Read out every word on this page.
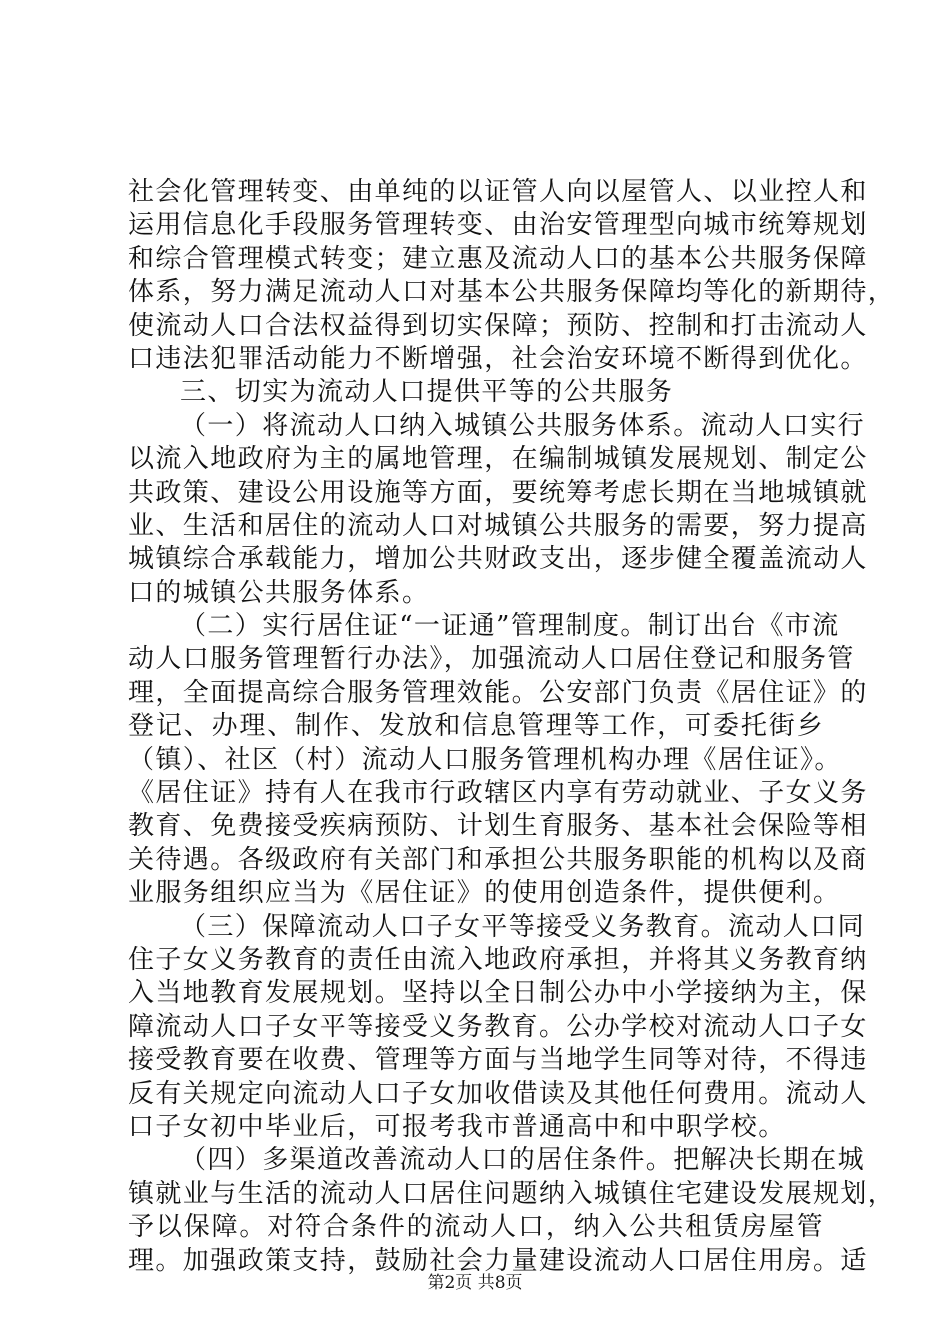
社会化管理转变、由单纯的以证管人向以屋管人、以业控人和
运用信息化手段服务管理转变、由治安管理型向城市统筹规划
和综合管理模式转变；建立惠及流动人口的基本公共服务保障
体系，努力满足流动人口对基本公共服务保障均等化的新期待，
使流动人口合法权益得到切实保障；预防、控制和打击流动人
口违法犯罪活动能力不断增强，社会治安环境不断得到优化。
三、切实为流动人口提供平等的公共服务
（一）将流动人口纳入城镇公共服务体系。流动人口实行
以流入地政府为主的属地管理，在编制城镇发展规划、制定公
共政策、建设公用设施等方面，要统筹考虑长期在当地城镇就
业、生活和居住的流动人口对城镇公共服务的需要，努力提高
城镇综合承载能力，增加公共财政支出，逐步健全覆盖流动人
口的城镇公共服务体系。
（二）实行居住证“一证通”管理制度。制订出台《市流
动人口服务管理暂行办法》，加强流动人口居住登记和服务管
理，全面提高综合服务管理效能。公安部门负责《居住证》的
登记、办理、制作、发放和信息管理等工作，可委托街乡
（镇）、社区（村）流动人口服务管理机构办理《居住证》。
《居住证》持有人在我市行政辖区内享有劳动就业、子女义务
教育、免费接受疾病预防、计划生育服务、基本社会保险等相
关待遇。各级政府有关部门和承担公共服务职能的机构以及商
业服务组织应当为《居住证》的使用创造条件，提供便利。
（三）保障流动人口子女平等接受义务教育。流动人口同
住子女义务教育的责任由流入地政府承担，并将其义务教育纳
入当地教育发展规划。坚持以全日制公办中小学接纳为主，保
障流动人口子女平等接受义务教育。公办学校对流动人口子女
接受教育要在收费、管理等方面与当地学生同等对待，不得违
反有关规定向流动人口子女加收借读及其他任何费用。流动人
口子女初中毕业后，可报考我市普通高中和中职学校。
（四）多渠道改善流动人口的居住条件。把解决长期在城
镇就业与生活的流动人口居住问题纳入城镇住宅建设发展规划，
予以保障。对符合条件的流动人口，纳入公共租赁房屋管
理。加强政策支持，鼓励社会力量建设流动人口居住用房。适
第2页 共8页
